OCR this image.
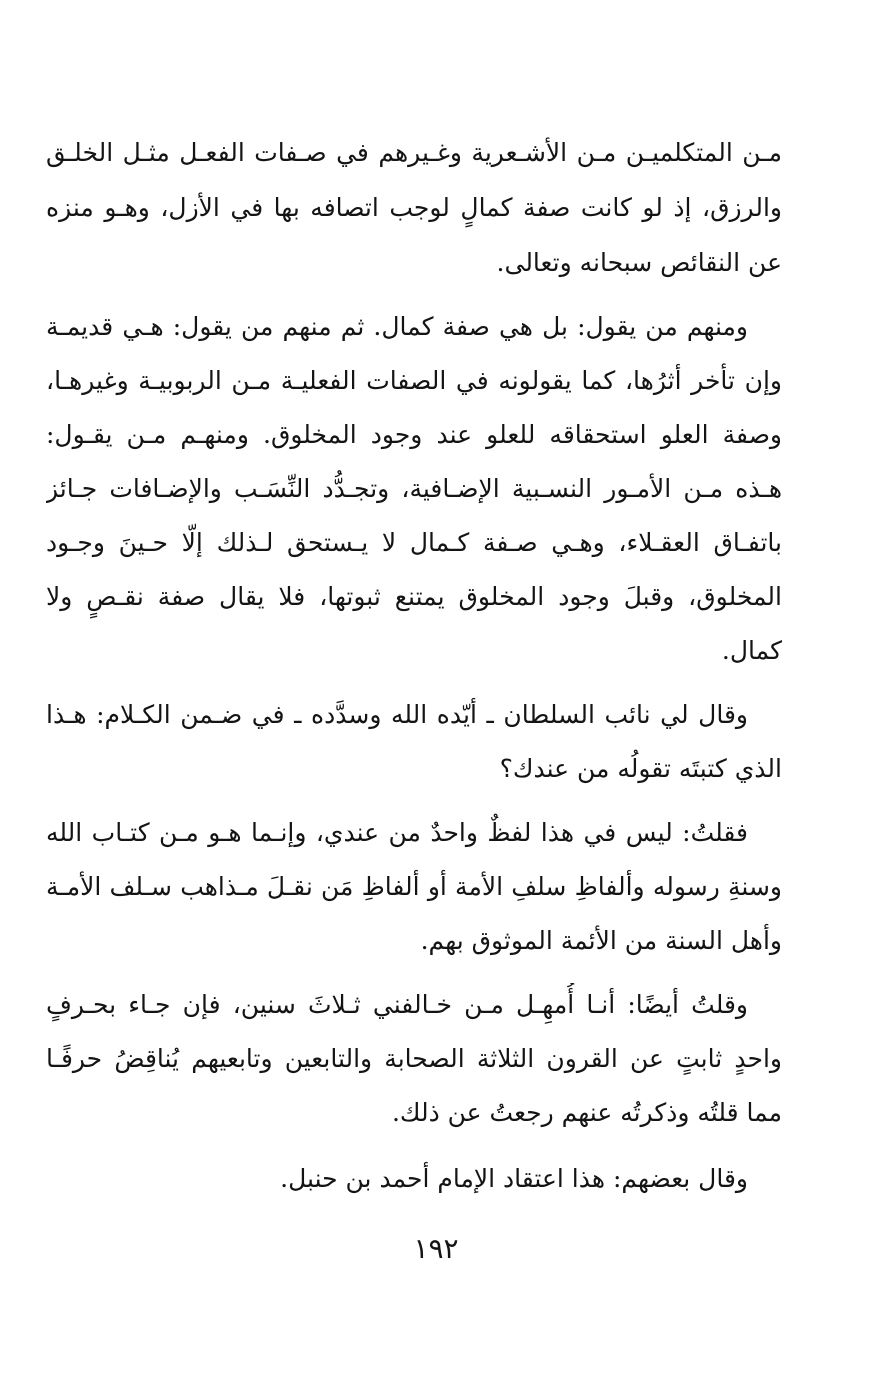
مـن المتكلميـن مـن الأشـعرية وغـيرهم في صـفات الفعـل مثـل الخلـق
والرزق، إذ لو كانت صفة كمالٍ لوجب اتصافه بها في الأزل، وهـو منزه
عن النقائص سبحانه وتعالى.
ومنهم من يقول: بل هي صفة كمال. ثم منهم من يقول: هـي قديمـة
وإن تأخر أثرُها، كما يقولونه في الصفات الفعليـة مـن الربوبيـة وغيرهـا،
وصفة العلو استحقاقه للعلو عند وجود المخلوق. ومنهـم مـن يقـول:
هـذه مـن الأمـور النسـبية الإضـافية، وتجـدُّد النِّسَـب والإضـافات جـائز
باتفـاق العقـلاء، وهـي صـفة كـمال لا يـستحق لـذلك إلّا حـينَ وجـود
المخلوق، وقبلَ وجود المخلوق يمتنع ثبوتها، فلا يقال صفة نقـصٍ ولا
كمال.
وقال لي نائب السلطان ـ أيّده الله وسدَّده ـ في ضـمن الكـلام: هـذا
الذي كتبتَه تقولُه من عندك؟
فقلتُ: ليس في هذا لفظٌ واحدٌ من عندي، وإنـما هـو مـن كتـاب الله
وسنةِ رسوله وألفاظِ سلفِ الأمة أو ألفاظِ مَن نقـلَ مـذاهب سـلف الأمـة
وأهل السنة من الأئمة الموثوق بهم.
وقلتُ أيضًا: أنـا أُمهِـل مـن خـالفني ثـلاثَ سنين، فإن جـاء بحـرفٍ
واحدٍ ثابتٍ عن القرون الثلاثة الصحابة والتابعين وتابعيهم يُناقِضُ حرفًـا
مما قلتُه وذكرتُه عنهم رجعتُ عن ذلك.
وقال بعضهم: هذا اعتقاد الإمام أحمد بن حنبل.
١٩٢
